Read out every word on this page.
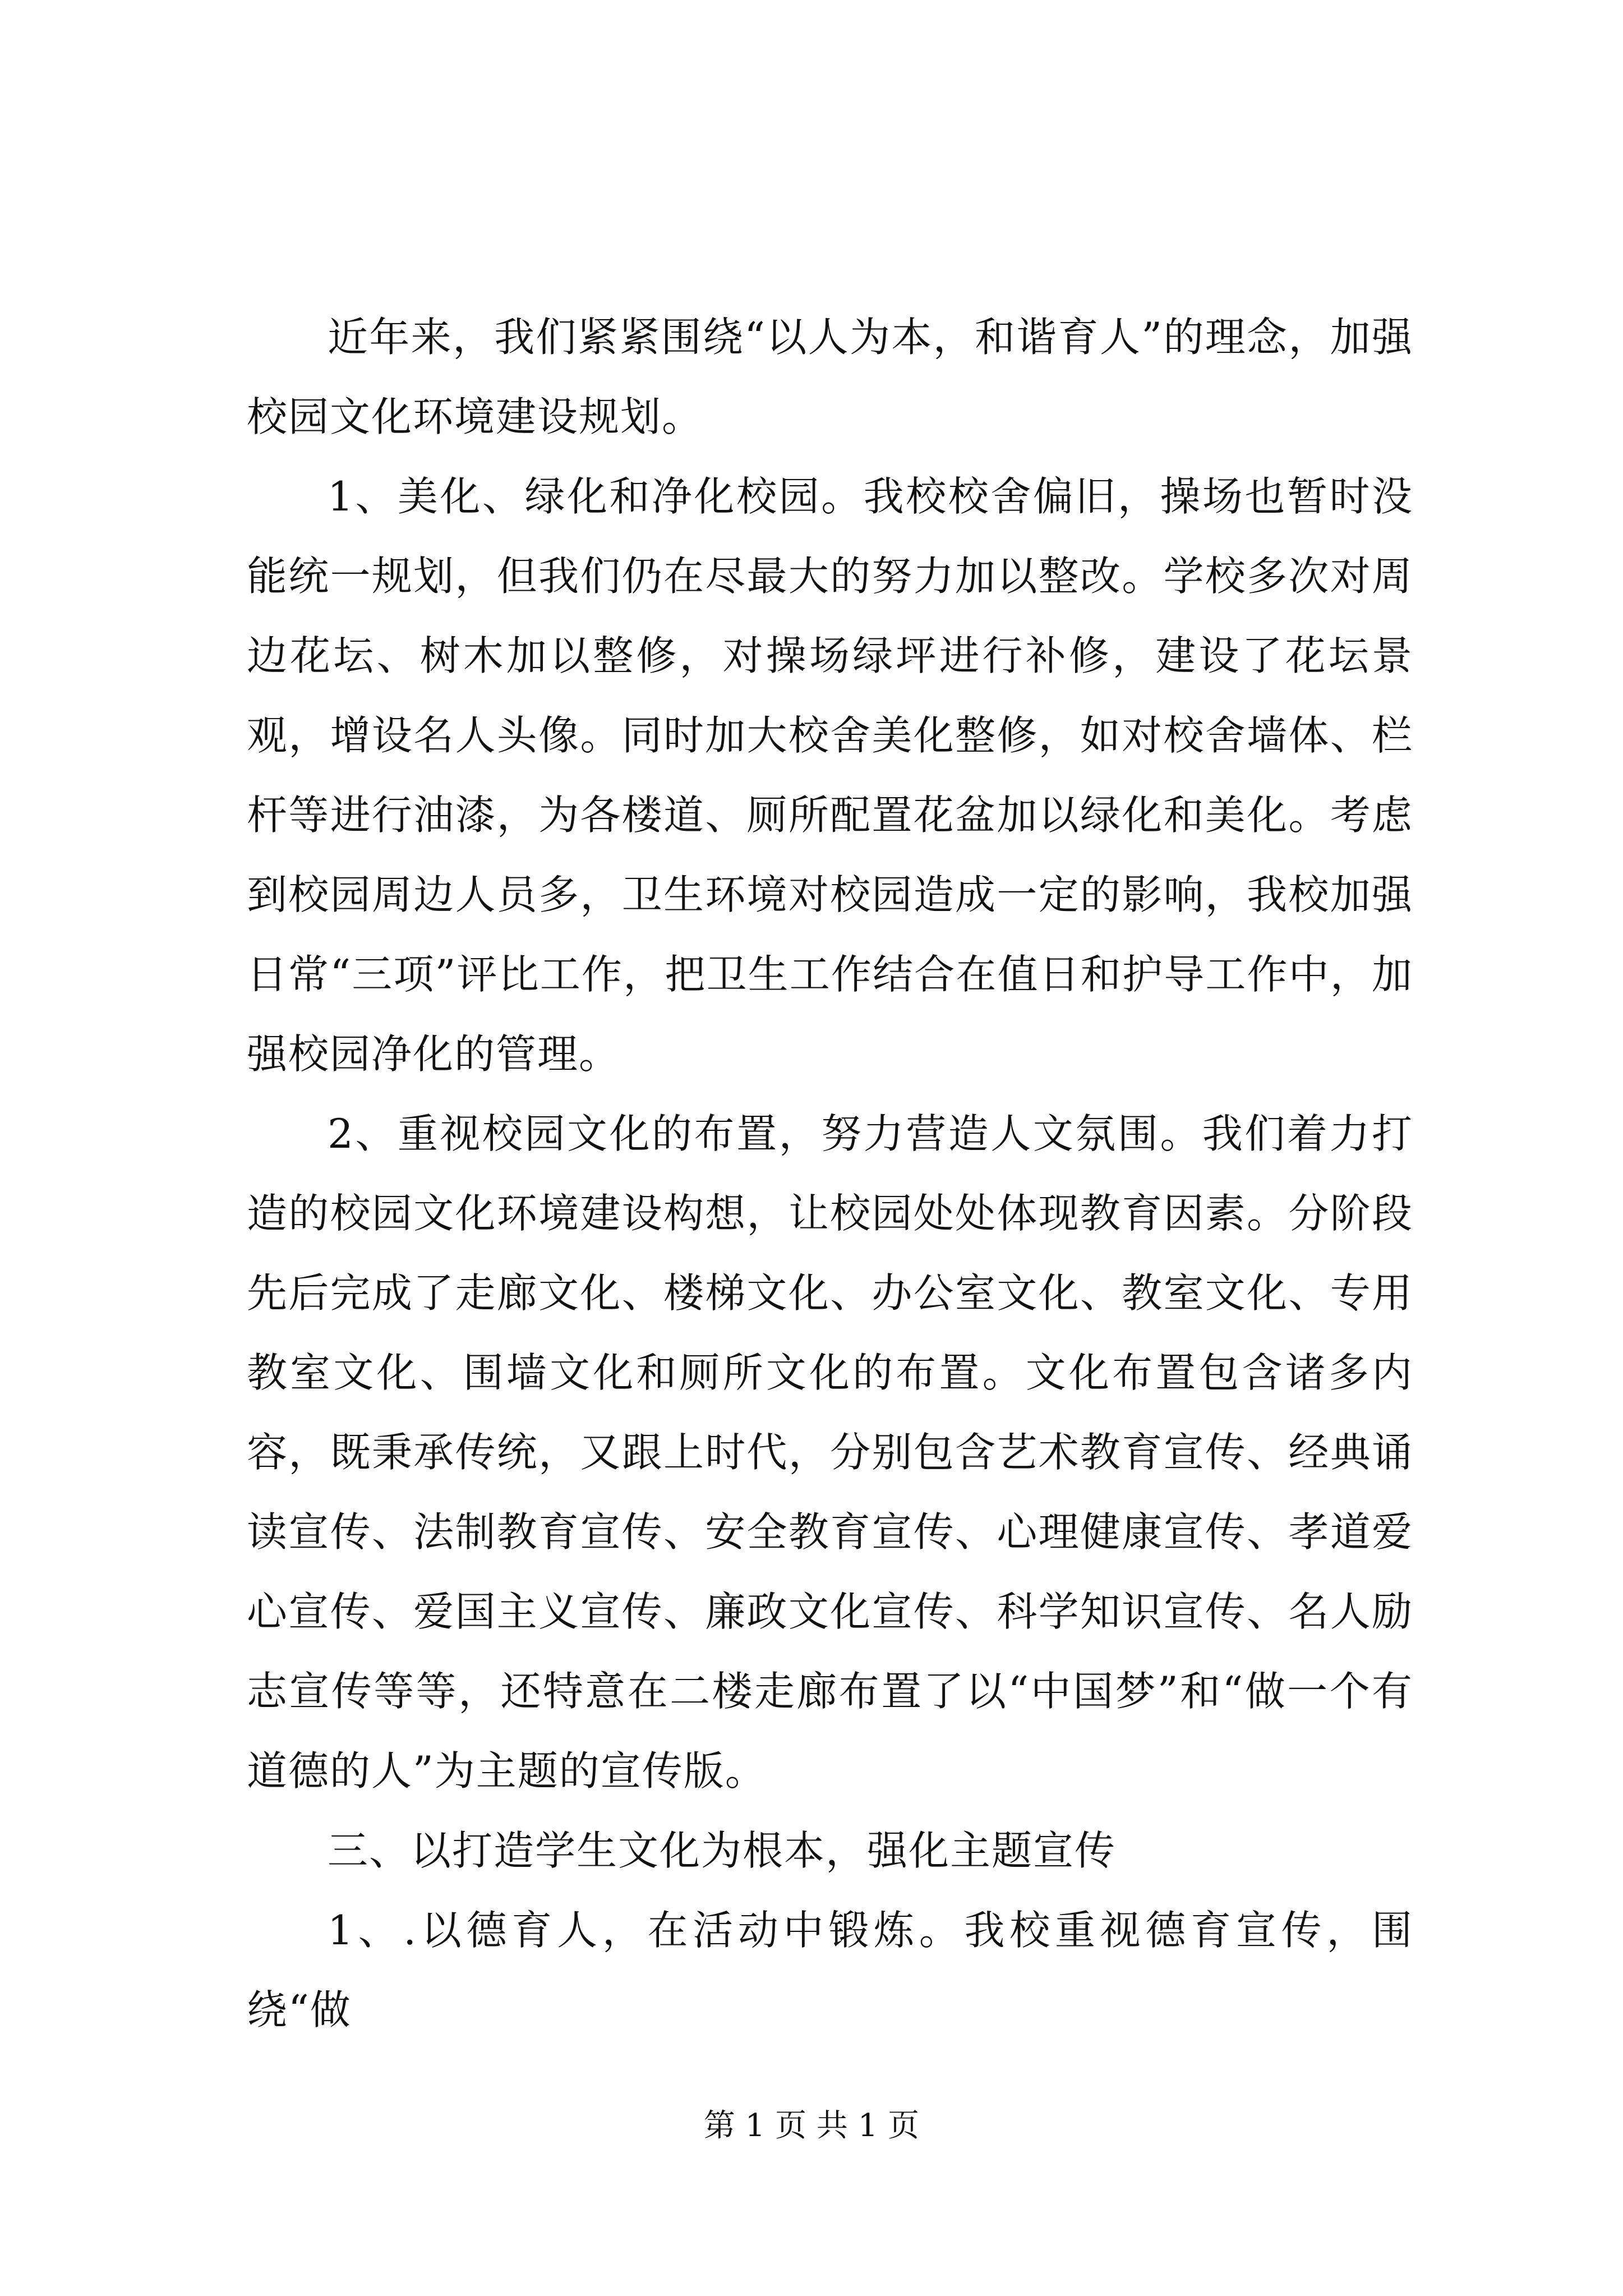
近年来，我们紧紧围绕“以人为本，和谐育人”的理念，加强校园文化环境建设规划。

1、美化、绿化和净化校园。我校校舍偏旧，操场也暂时没能统一规划，但我们仍在尽最大的努力加以整改。学校多次对周边花坛、树木加以整修，对操场绿坪进行补修，建设了花坛景观，增设名人头像。同时加大校舍美化整修，如对校舍墙体、栏杆等进行油漆，为各楼道、厕所配置花盆加以绿化和美化。考虑到校园周边人员多，卫生环境对校园造成一定的影响，我校加强日常“三项”评比工作，把卫生工作结合在值日和护导工作中，加强校园净化的管理。

2、重视校园文化的布置，努力营造人文氛围。我们着力打造的校园文化环境建设构想，让校园处处体现教育因素。分阶段先后完成了走廊文化、楼梯文化、办公室文化、教室文化、专用教室文化、围墙文化和厕所文化的布置。文化布置包含诸多内容，既秉承传统，又跟上时代，分别包含艺术教育宣传、经典诵读宣传、法制教育宣传、安全教育宣传、心理健康宣传、孝道爱心宣传、爱国主义宣传、廉政文化宣传、科学知识宣传、名人励志宣传等等，还特意在二楼走廊布置了以“中国梦”和“做一个有道德的人”为主题的宣传版。

三、以打造学生文化为根本，强化主题宣传

1、.以德育人，在活动中锻炼。我校重视德育宣传，围绕“做

第 1 页 共 1 页
